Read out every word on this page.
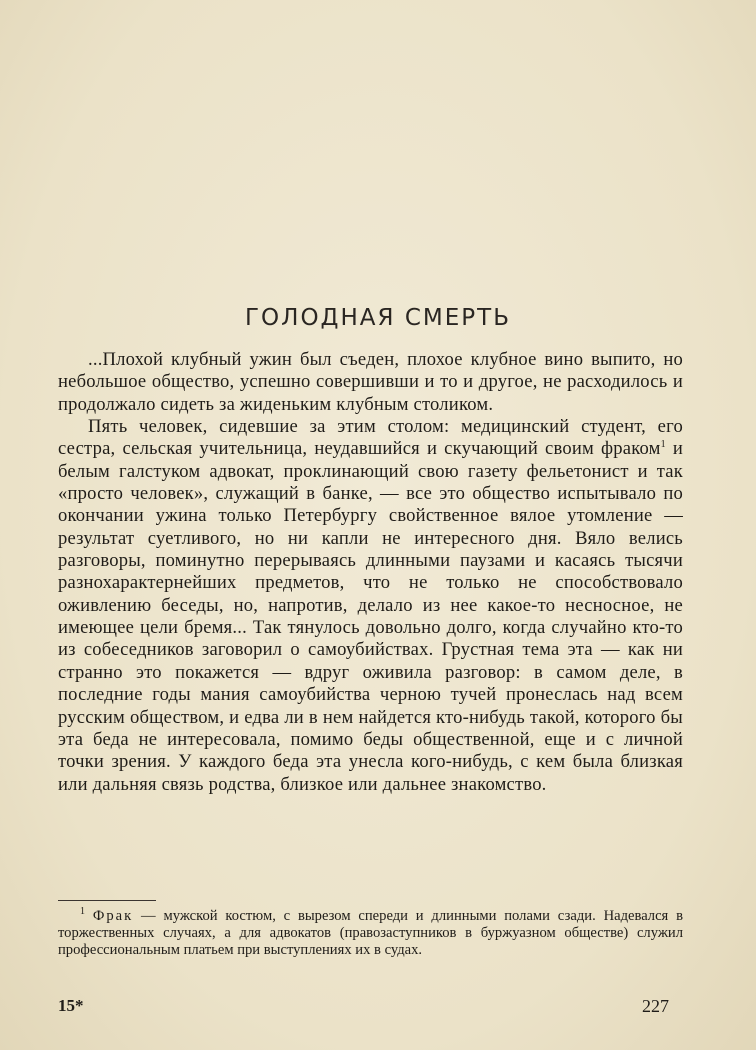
ГОЛОДНАЯ СМЕРТЬ

...Плохой клубный ужин был съеден, плохое клубное вино выпито, но небольшое общество, успешно совершивши и то и другое, не расходилось и продолжало сидеть за жиденьким клубным столиком.

Пять человек, сидевшие за этим столом: медицинский студент, его сестра, сельская учительница, неудавшийся и скучающий своим фраком$^1$ и белым галстуком адвокат, проклинающий свою газету фельетонист и так «просто человек», служащий в банке, — все это общество испытывало по окончании ужина только Петербургу свойственное вялое утомление — результат суетливого, но ни капли не интересного дня. Вяло велись разговоры, поминутно перерываясь длинными паузами и касаясь тысячи разнохарактернейших предметов, что не только не способствовало оживлению беседы, но, напротив, делало из нее какое-то несносное, не имеющее цели бремя... Так тянулось довольно долго, когда случайно кто-то из собеседников заговорил о самоубийствах. Грустная тема эта — как ни странно это покажется — вдруг оживила разговор: в самом деле, в последние годы мания самоубийства черною тучей пронеслась над всем русским обществом, и едва ли в нем найдется кто-нибудь такой, которого бы эта беда не интересовала, помимо беды общественной, еще и с личной точки зрения. У каждого беда эта унесла кого-нибудь, с кем была близкая или дальняя связь родства, близкое или дальнее знакомство.

$^1$ Фрак — мужской костюм, с вырезом спереди и длинными полами сзади. Надевался в торжественных случаях, а для адвокатов (правозаступников в буржуазном обществе) служил профессиональным платьем при выступлениях их в судах.

15*	227
